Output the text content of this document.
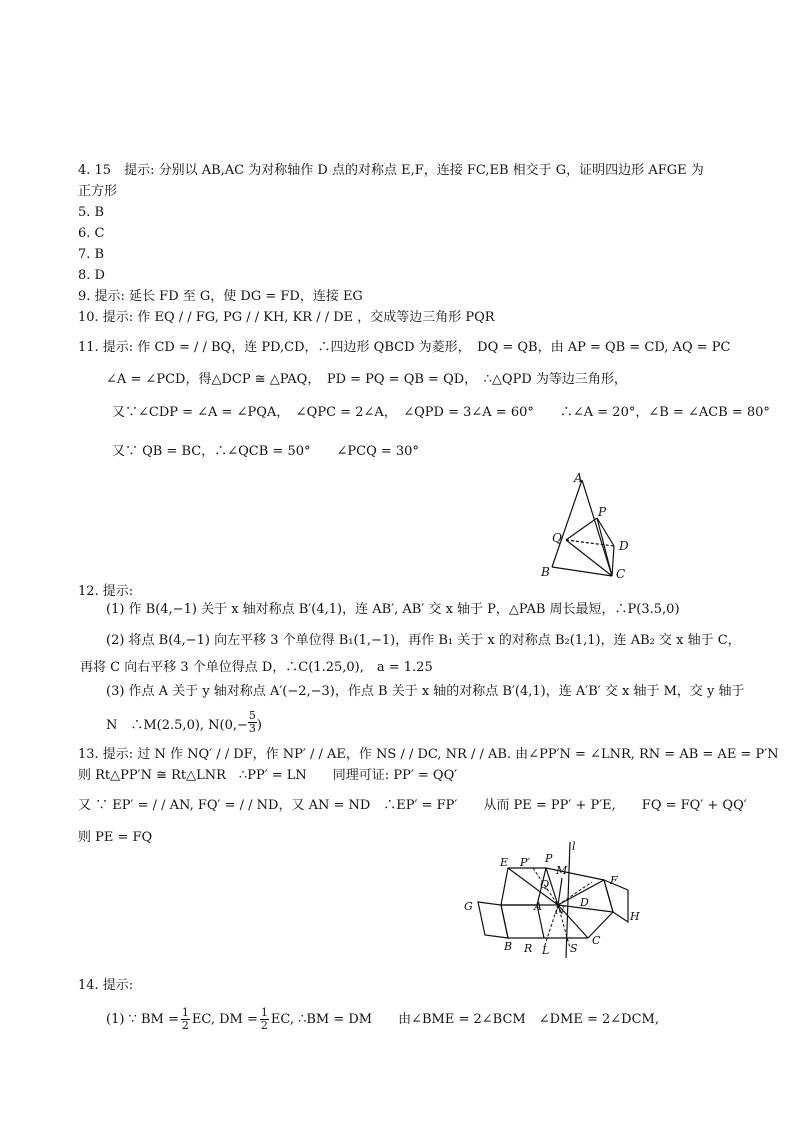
4. 15　提示: 分别以 AB,AC 为对称轴作 D 点的对称点 E,F，连接 FC,EB 相交于 G，证明四边形 AFGE 为
正方形
5. B
6. C
7. B
8. D
9. 提示: 延长 FD 至 G，使 DG = FD，连接 EG
10. 提示: 作 EQ / / FG, PG / / KH, KR / / DE ，交成等边三角形 PQR
11. 提示: 作 CD = / / BQ，连 PD,CD，∴四边形 QBCD 为菱形，　DQ = QB，由 AP = QB = CD, AQ = PC
∠A = ∠PCD，得△DCP ≅ △PAQ，　PD = PQ = QB = QD，　∴△QPD 为等边三角形，
又∵∠CDP = ∠A = ∠PQA，　∠QPC = 2∠A，　∠QPD = 3∠A = 60°　　∴∠A = 20°，∠B = ∠ACB = 80°
又∵ QB = BC，∴∠QCB = 50°　　∠PCQ = 30°
A
P
Q
D
B	C
12. 提示:
(1) 作 B(4,−1) 关于 x 轴对称点 B′(4,1)，连 AB′, AB′ 交 x 轴于 P，△PAB 周长最短，∴P(3.5,0)
(2) 将点 B(4,−1) 向左平移 3 个单位得 B₁(1,−1)，再作 B₁ 关于 x 的对称点 B₂(1,1)，连 AB₂ 交 x 轴于 C，
再将 C 向右平移 3 个单位得点 D，∴C(1.25,0),　a = 1.25
(3) 作点 A 关于 y 轴对称点 A′(−2,−3)，作点 B 关于 x 轴的对称点 B′(4,1)，连 A′B′ 交 x 轴于 M，交 y 轴于
N　∴M(2.5,0), $N(0,- \frac{5}{3}$ )
13. 提示: 过 N 作 NQ′ / / DF，作 NP′ / / AE，作 NS / / DC, NR / / AB. 由∠PP′N = ∠LNR, RN = AB = AE = P′N
则 Rt△PP′N ≅ Rt△LNR　∴PP′ = LN　　同理可证: PP′ = QQ′
又 ∵ EP′ = / / AN, FQ′ = / / ND，又 AN = ND　∴EP′ = FP′　　从而 PE = PP′ + P′E,　　FQ = FQ′ + QQ′
则 PE = FQ
l
E P′ P
M
Q	F
G	A N
D
H
B R L S
C
14. 提示:
(1) ∵ BM = $\frac{1}{2}$ EC, DM = $\frac{1}{2}$ EC, ∴BM = DM　　由∠BME = 2∠BCM　∠DME = 2∠DCM,
